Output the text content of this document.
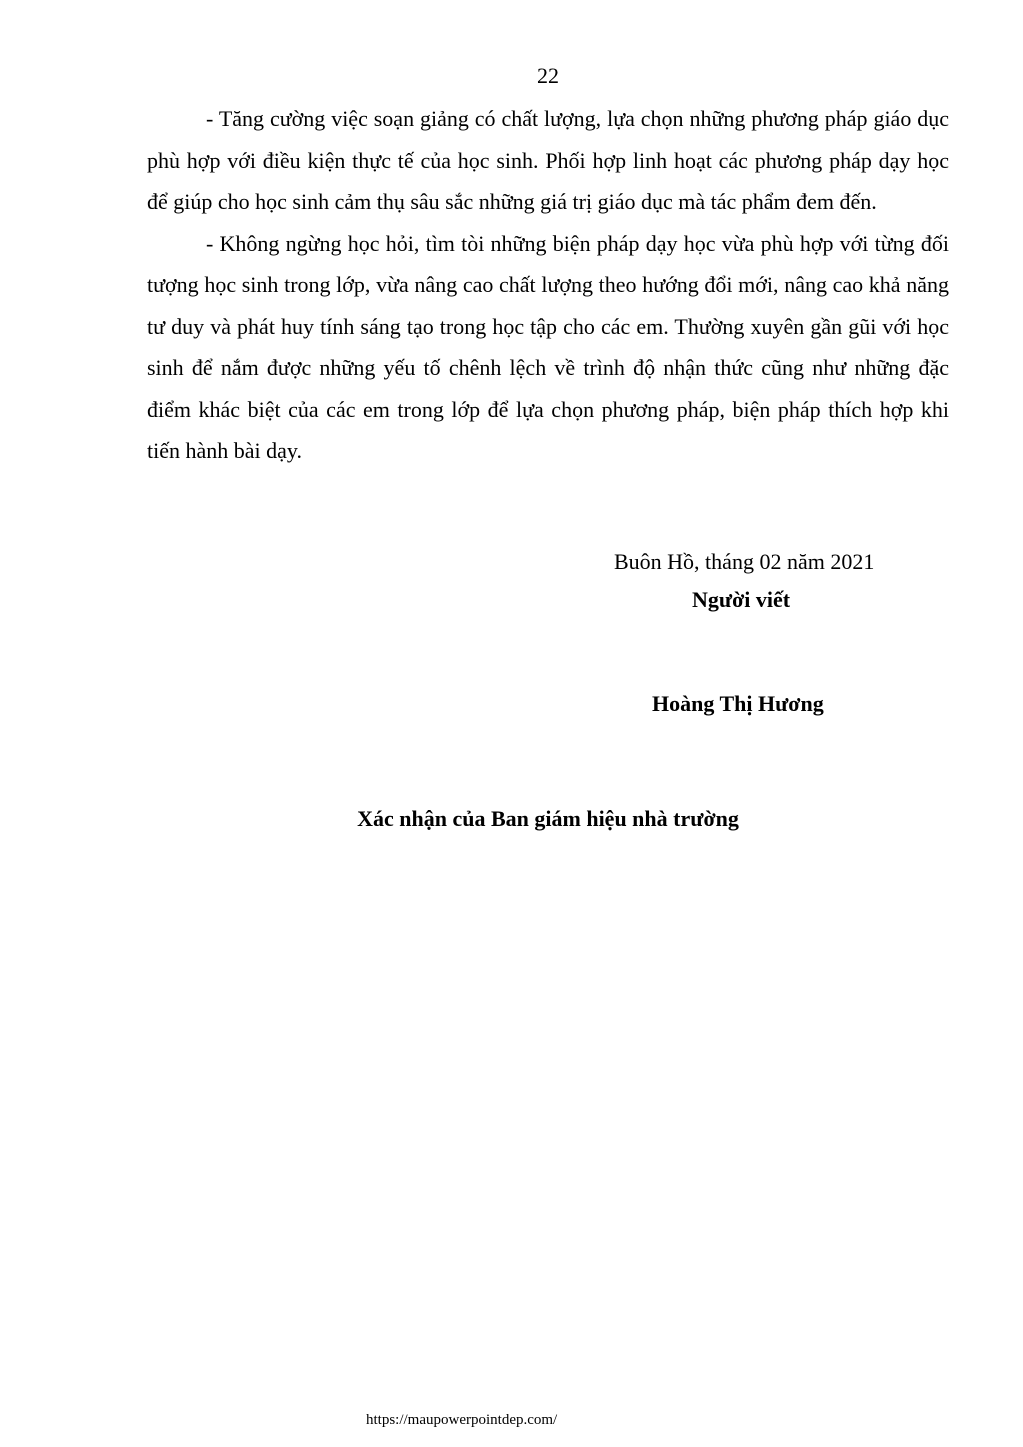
22

- Tăng cường việc soạn giảng có chất lượng, lựa chọn những phương pháp giáo dục phù hợp với điều kiện thực tế của học sinh. Phối hợp linh hoạt các phương pháp dạy học để giúp cho học sinh cảm thụ sâu sắc những giá trị giáo dục mà tác phẩm đem đến.

- Không ngừng học hỏi, tìm tòi những biện pháp dạy học vừa phù hợp với từng đối tượng học sinh trong lớp, vừa nâng cao chất lượng theo hướng đổi mới, nâng cao khả năng tư duy và phát huy tính sáng tạo trong học tập cho các em. Thường xuyên gần gũi với học sinh để nắm được những yếu tố chênh lệch về trình độ nhận thức cũng như những đặc điểm khác biệt của các em trong lớp để lựa chọn phương pháp, biện pháp thích hợp khi tiến hành bài dạy.

Buôn Hồ, tháng 02 năm 2021
Người viết
Hoàng Thị Hương
Xác nhận của Ban giám hiệu nhà trường
https://maupowerpointdep.com/
